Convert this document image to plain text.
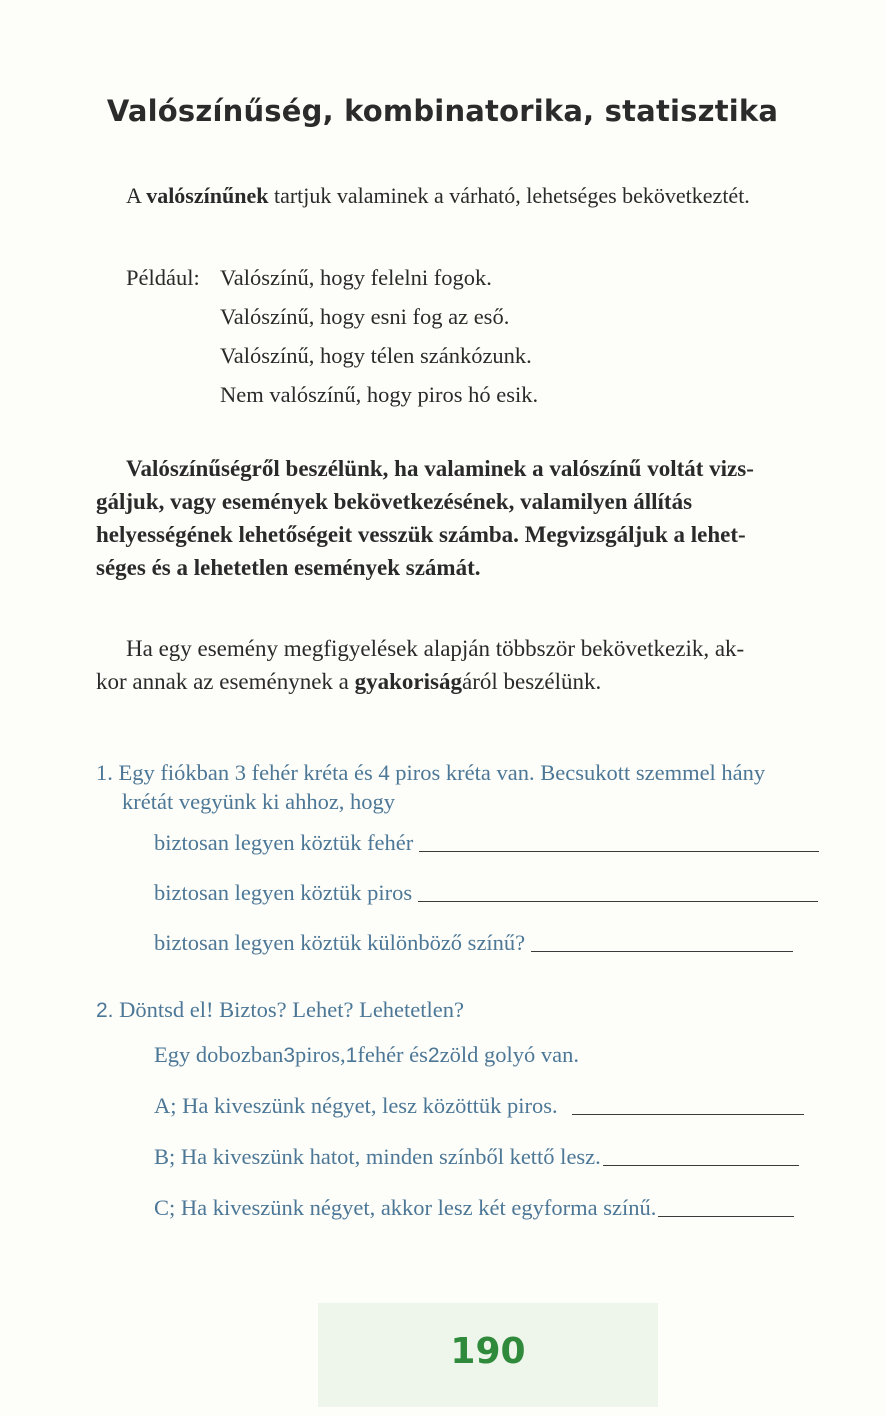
Valószínűség, kombinatorika, statisztika
A valószínűnek tartjuk valaminek a várható, lehetséges bekövetkeztét.
Például: Valószínű, hogy felelni fogok.
Valószínű, hogy esni fog az eső.
Valószínű, hogy télen szánkózunk.
Nem valószínű, hogy piros hó esik.
Valószínűségről beszélünk, ha valaminek a valószínű voltát vizs-
gáljuk, vagy események bekövetkezésének, valamilyen állítás
helyességének lehetőségeit vesszük számba. Megvizsgáljuk a lehet-
séges és a lehetetlen események számát.
Ha egy esemény megfigyelések alapján többször bekövetkezik, ak-
kor annak az eseménynek a gyakoriságáról beszélünk.
1. Egy fiókban 3 fehér kréta és 4 piros kréta van. Becsukott szemmel hány
krétát vegyünk ki ahhoz, hogy
biztosan legyen köztük fehér
biztosan legyen köztük piros
biztosan legyen köztük különböző színű?
2. Döntsd el! Biztos? Lehet? Lehetetlen?
Egy dobozban 3 piros, 1 fehér és 2 zöld golyó van.
A; Ha kiveszünk négyet, lesz közöttük piros.
B; Ha kiveszünk hatot, minden színből kettő lesz.
C; Ha kiveszünk négyet, akkor lesz két egyforma színű.
190
